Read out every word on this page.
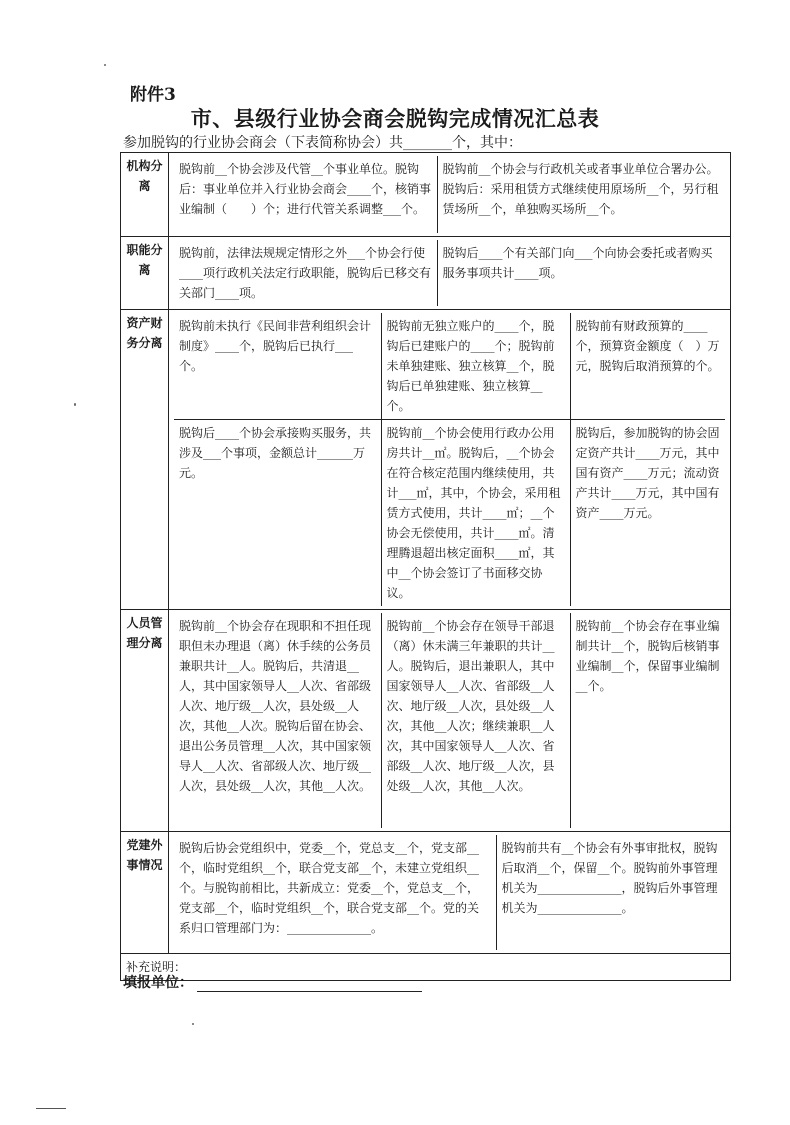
附件3
市、县级行业协会商会脱钩完成情况汇总表
参加脱钩的行业协会商会（下表简称协会）共_______个，其中：
机构分离	
脱钩前__个协会涉及代管__个事业单位。脱钩后：事业单位并入行业协会商会____个，核销事业编制（　　）个；进行代管关系调整___个。	脱钩前__个协会与行政机关或者事业单位合署办公。脱钩后：采用租赁方式继续使用原场所__个，另行租赁场所__个，单独购买场所__个。

职能分离	
脱钩前，法律法规规定情形之外___个协会行使____项行政机关法定行政职能，脱钩后已移交有关部门____项。	脱钩后____个有关部门向___个向协会委托或者购买服务事项共计____项。

资产财务分离	
脱钩前未执行《民间非营利组织会计制度》____个，脱钩后已执行___个。	脱钩前无独立账户的____个，脱钩后已建账户的____个；脱钩前未单独建账、独立核算__个，脱钩后已单独建账、独立核算__个。	脱钩前有财政预算的____个，预算资金额度（　）万元，脱钩后取消预算的个。
脱钩后____个协会承接购买服务，共涉及___个事项，金额总计______万元。	脱钩前__个协会使用行政办公用房共计__㎡。脱钩后，__个协会在符合核定范围内继续使用，共计___㎡，其中，个协会，采用租赁方式使用，共计____㎡；__个协会无偿使用，共计____㎡。清理腾退超出核定面积____㎡，其中__个协会签订了书面移交协议。	脱钩后，参加脱钩的协会固定资产共计____万元，其中国有资产____万元；流动资产共计____万元，其中国有资产____万元。

人员管理分离	
脱钩前__个协会存在现职和不担任现职但未办理退（离）休手续的公务员兼职共计__人。脱钩后，共清退__人，其中国家领导人__人次、省部级人次、地厅级__人次，县处级__人次，其他__人次。脱钩后留在协会、退出公务员管理__人次，其中国家领导人__人次、省部级人次、地厅级__人次，县处级__人次，其他__人次。	脱钩前__个协会存在领导干部退（离）休未满三年兼职的共计__人。脱钩后，退出兼职人，其中国家领导人__人次、省部级__人次、地厅级__人次，县处级__人次，其他__人次；继续兼职__人次，其中国家领导人__人次、省部级__人次、地厅级__人次，县处级__人次，其他__人次。	脱钩前__个协会存在事业编制共计__个，脱钩后核销事业编制__个，保留事业编制__个。

党建外事情况	
脱钩后协会党组织中，党委__个，党总支__个，党支部__个，临时党组织__个，联合党支部__个，未建立党组织__个。与脱钩前相比，共新成立：党委__个，党总支__个，党支部__个，临时党组织__个，联合党支部__个。党的关系归口管理部门为：______________。	脱钩前共有__个协会有外事审批权，脱钩后取消__个，保留__个。脱钩前外事管理机关为______________，脱钩后外事管理机关为______________。

补充说明：
填报单位：
